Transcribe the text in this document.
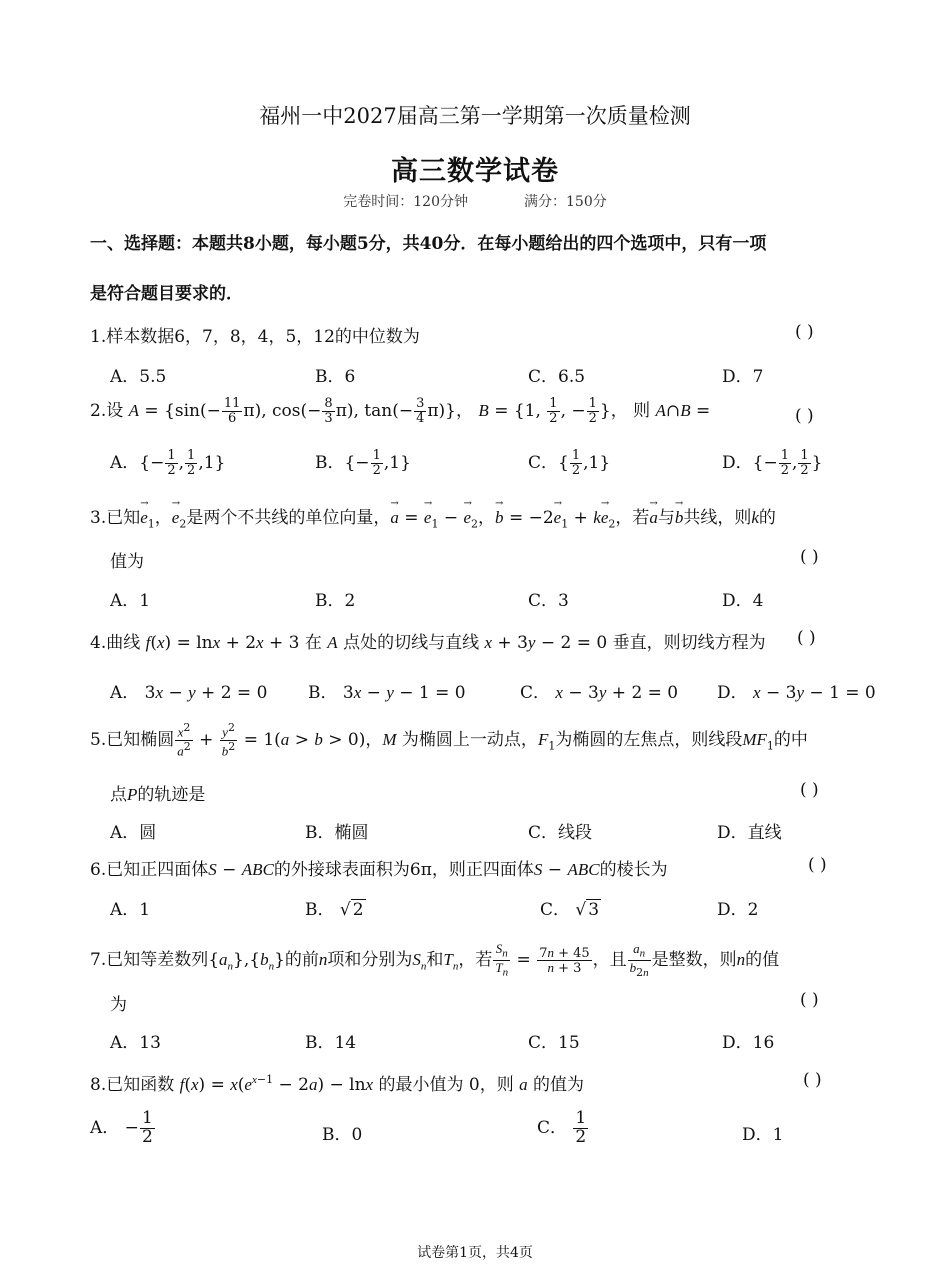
福州一中2027届高三第一学期第一次质量检测
高三数学试卷
完卷时间：120分钟	满分：150分
一、选择题：本题共8小题，每小题5分，共40分．在每小题给出的四个选项中，只有一项
是符合题目要求的．
1.样本数据6，7，8，4，5，12的中位数为	( )
A．5.5	B．6	C．6.5	D．7
2.设 $A = \{\sin(- \frac{11}{6} \pi)$, $\cos(- \frac{8}{3} \pi)$, $\tan(- \frac{3}{4} \pi)$}， B = {1, $\frac{1}{2}$ , − $\frac{1}{2}$ }， 则 A∩B =	( )
A．{− $\frac{1}{2}$ , $\frac{1}{2} ,1$}	B．{− $\frac{1}{2} ,1$}	C．{ $\frac{1}{2} ,1$}	D．{− $\frac{1}{2}$ , $\frac{1}{2}$ }
3.已知→ $e_1$，→ $e_2$是两个不共线的单位向量，→ a = → $e_1$ − → $e_2$，→ $b = -2\to e_1 + k\to e_2$，若→ a与→ b共线，则k的
值为	( )
A．1	B．2	C．3	D．4
4.曲线 f(x) = lnx + 2x + 3 在 A 点处的切线与直线 x + 3y − 2 = 0 垂直，则切线方程为 ( )
A． 3x − y + 2 = 0 B． 3x − y − 1 = 0	C． x − 3y + 2 = 0 D． x − 3y − 1 = 0
5.已知椭圆 $\frac{x^2}{a^2} + \frac{y^2}{b^2} = 1(a > b > 0)$，M 为椭圆上一动点，$F_1$为椭圆的左焦点，则线段$MF_1$的中
点P的轨迹是	( )
A．圆	B．椭圆	C．线段	D．直线
6.已知正四面体S − ABC的外接球表面积为6π，则正四面体S − ABC的棱长为	( )
A．1	B． √ 2	C． √ 3	D．2
7.已知等差数列$\{a_n\},\{b_n\}$的前n项和分别为$S_n$和$T_n$，若 $\frac{S_n}{T_n} = \frac{7n + 45}{n + 3}$ ，且 $\frac{a_n}{b_{2n}}$ 是整数，则n的值
为	( )
A．13	B．14	C．15	D．16
8.已知函数 $f(x) = x(e^{x-1} - 2a) - \ln x$ 的最小值为 0，则 a 的值为	( )
A． − $\frac{1}{2}$	B．0	C． $\frac{1}{2}$	D．1
试卷第1页，共4页
